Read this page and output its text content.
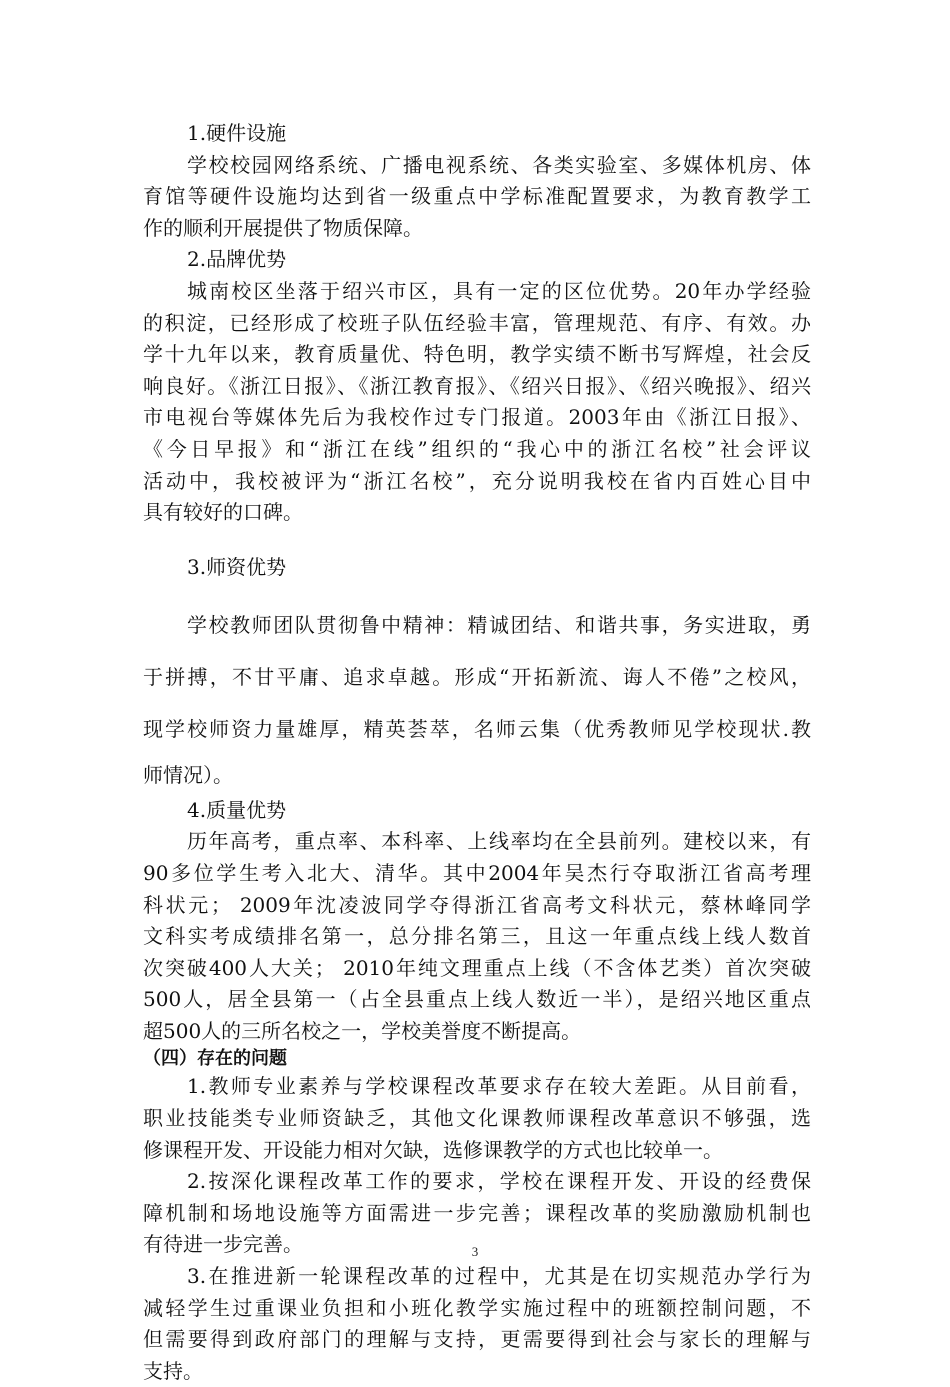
1.硬件设施
学校校园网络系统、广播电视系统、各类实验室、多媒体机房、体
育馆等硬件设施均达到省一级重点中学标准配置要求，为教育教学工
作的顺利开展提供了物质保障。
2.品牌优势
城南校区坐落于绍兴市区，具有一定的区位优势。20年办学经验
的积淀，已经形成了校班子队伍经验丰富，管理规范、有序、有效。办
学十九年以来，教育质量优、特色明，教学实绩不断书写辉煌，社会反
响良好。《浙江日报》、《浙江教育报》、《绍兴日报》、《绍兴晚报》、绍兴
市电视台等媒体先后为我校作过专门报道。2003年由《浙江日报》、
《今日早报》和“浙江在线”组织的“我心中的浙江名校”社会评议
活动中，我校被评为“浙江名校”，充分说明我校在省内百姓心目中
具有较好的口碑。
3.师资优势
学校教师团队贯彻鲁中精神：精诚团结、和谐共事，务实进取，勇
于拼搏，不甘平庸、追求卓越。形成“开拓新流、诲人不倦”之校风，
现学校师资力量雄厚，精英荟萃，名师云集（优秀教师见学校现状.教
师情况）。
4.质量优势
历年高考，重点率、本科率、上线率均在全县前列。建校以来，有
90多位学生考入北大、清华。其中2004年吴杰行夺取浙江省高考理
科状元； 2009年沈凌波同学夺得浙江省高考文科状元，蔡林峰同学
文科实考成绩排名第一，总分排名第三，且这一年重点线上线人数首
次突破400人大关； 2010年纯文理重点上线（不含体艺类）首次突破
500人，居全县第一（占全县重点上线人数近一半），是绍兴地区重点
超500人的三所名校之一，学校美誉度不断提高。
（四）存在的问题
1.教师专业素养与学校课程改革要求存在较大差距。从目前看，
职业技能类专业师资缺乏，其他文化课教师课程改革意识不够强，选
修课程开发、开设能力相对欠缺，选修课教学的方式也比较单一。
2.按深化课程改革工作的要求，学校在课程开发、开设的经费保
障机制和场地设施等方面需进一步完善；课程改革的奖励激励机制也
有待进一步完善。
3.在推进新一轮课程改革的过程中，尤其是在切实规范办学行为
减轻学生过重课业负担和小班化教学实施过程中的班额控制问题，不
但需要得到政府部门的理解与支持，更需要得到社会与家长的理解与
支持。
3
